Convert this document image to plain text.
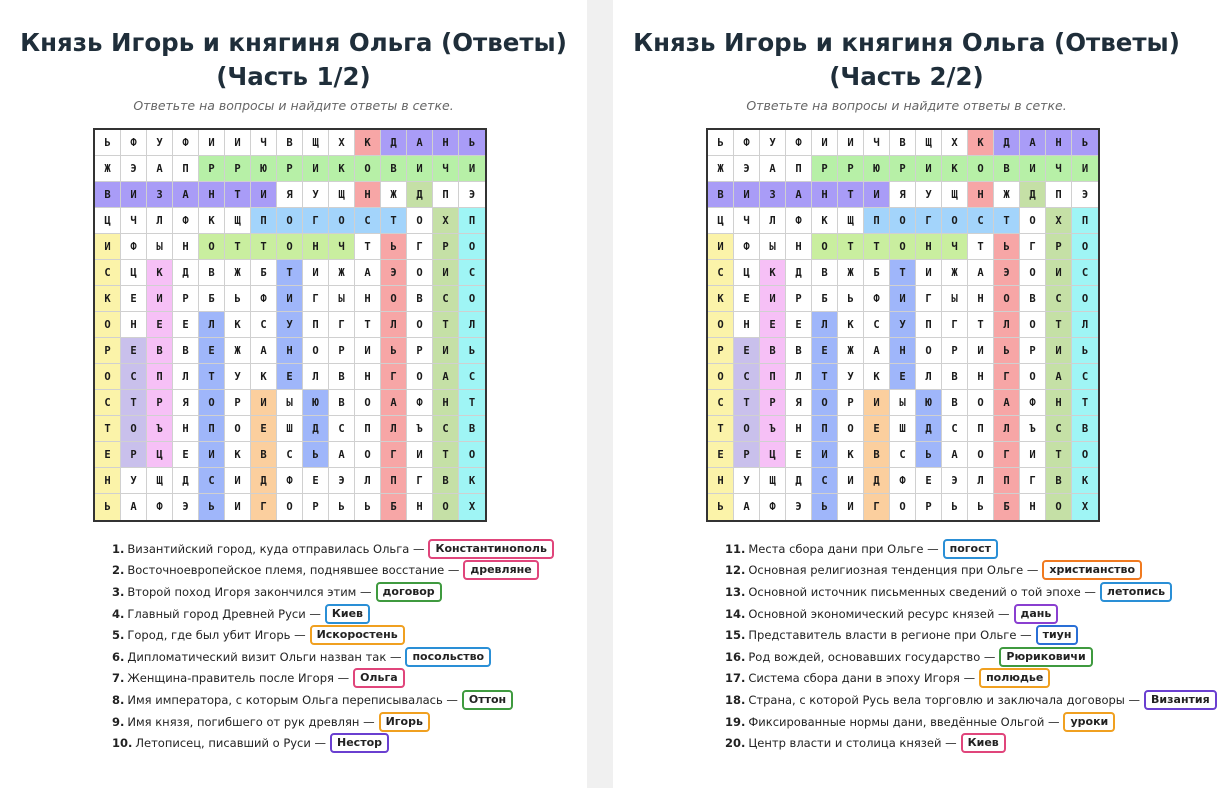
Князь Игорь и княгиня Ольга (Ответы)
(Часть 1/2)
Ответьте на вопросы и найдите ответы в сетке.
Ь	Ф	У	Ф	И	И	Ч	В	Щ	Х	К	Д	А	Н	Ь
Ж	Э	А	П	Р	Р	Ю	Р	И	К	О	В	И	Ч	И
В	И	З	А	Н	Т	И	Я	У	Щ	Н	Ж	Д	П	Э
Ц	Ч	Л	Ф	К	Щ	П	О	Г	О	С	Т	О	Х	П
И	Ф	Ы	Н	О	Т	Т	О	Н	Ч	Т	Ь	Г	Р	О
С	Ц	К	Д	В	Ж	Б	Т	И	Ж	А	Э	О	И	С
К	Е	И	Р	Б	Ь	Ф	И	Г	Ы	Н	О	В	С	О
О	Н	Е	Е	Л	К	С	У	П	Г	Т	Л	О	Т	Л
Р	Е	В	В	Е	Ж	А	Н	О	Р	И	Ь	Р	И	Ь
О	С	П	Л	Т	У	К	Е	Л	В	Н	Г	О	А	С
С	Т	Р	Я	О	Р	И	Ы	Ю	В	О	А	Ф	Н	Т
Т	О	Ъ	Н	П	О	Е	Ш	Д	С	П	Л	Ъ	С	В
Е	Р	Ц	Е	И	К	В	С	Ь	А	О	Г	И	Т	О
Н	У	Щ	Д	С	И	Д	Ф	Е	Э	Л	П	Г	В	К
Ь	А	Ф	Э	Ь	И	Г	О	Р	Ь	Ь	Б	Н	О	Х
1. Византийский город, куда отправилась Ольга —	Константинополь
2. Восточноевропейское племя, поднявшее восстание —	древляне
3. Второй поход Игоря закончился этим —	договор
4. Главный город Древней Руси —	Киев
5. Город, где был убит Игорь —	Искоростень
6. Дипломатический визит Ольги назван так —	посольство
7. Женщина-правитель после Игоря —	Ольга
8. Имя императора, с которым Ольга переписывалась —	Оттон
9. Имя князя, погибшего от рук древлян —	Игорь
10. Летописец, писавший о Руси —	Нестор
Князь Игорь и княгиня Ольга (Ответы)
(Часть 2/2)
Ответьте на вопросы и найдите ответы в сетке.
Ь	Ф	У	Ф	И	И	Ч	В	Щ	Х	К	Д	А	Н	Ь
Ж	Э	А	П	Р	Р	Ю	Р	И	К	О	В	И	Ч	И
В	И	З	А	Н	Т	И	Я	У	Щ	Н	Ж	Д	П	Э
Ц	Ч	Л	Ф	К	Щ	П	О	Г	О	С	Т	О	Х	П
И	Ф	Ы	Н	О	Т	Т	О	Н	Ч	Т	Ь	Г	Р	О
С	Ц	К	Д	В	Ж	Б	Т	И	Ж	А	Э	О	И	С
К	Е	И	Р	Б	Ь	Ф	И	Г	Ы	Н	О	В	С	О
О	Н	Е	Е	Л	К	С	У	П	Г	Т	Л	О	Т	Л
Р	Е	В	В	Е	Ж	А	Н	О	Р	И	Ь	Р	И	Ь
О	С	П	Л	Т	У	К	Е	Л	В	Н	Г	О	А	С
С	Т	Р	Я	О	Р	И	Ы	Ю	В	О	А	Ф	Н	Т
Т	О	Ъ	Н	П	О	Е	Ш	Д	С	П	Л	Ъ	С	В
Е	Р	Ц	Е	И	К	В	С	Ь	А	О	Г	И	Т	О
Н	У	Щ	Д	С	И	Д	Ф	Е	Э	Л	П	Г	В	К
Ь	А	Ф	Э	Ь	И	Г	О	Р	Ь	Ь	Б	Н	О	Х
11. Места сбора дани при Ольге —	погост
12. Основная религиозная тенденция при Ольге —	христианство
13. Основной источник письменных сведений о той эпохе —	летопись
14. Основной экономический ресурс князей —	дань
15. Представитель власти в регионе при Ольге —	тиун
16. Род вождей, основавших государство —	Рюриковичи
17. Система сбора дани в эпоху Игоря —	полюдье
18. Страна, с которой Русь вела торговлю и заключала договоры —	Византия
19. Фиксированные нормы дани, введённые Ольгой —	уроки
20. Центр власти и столица князей —	Киев
